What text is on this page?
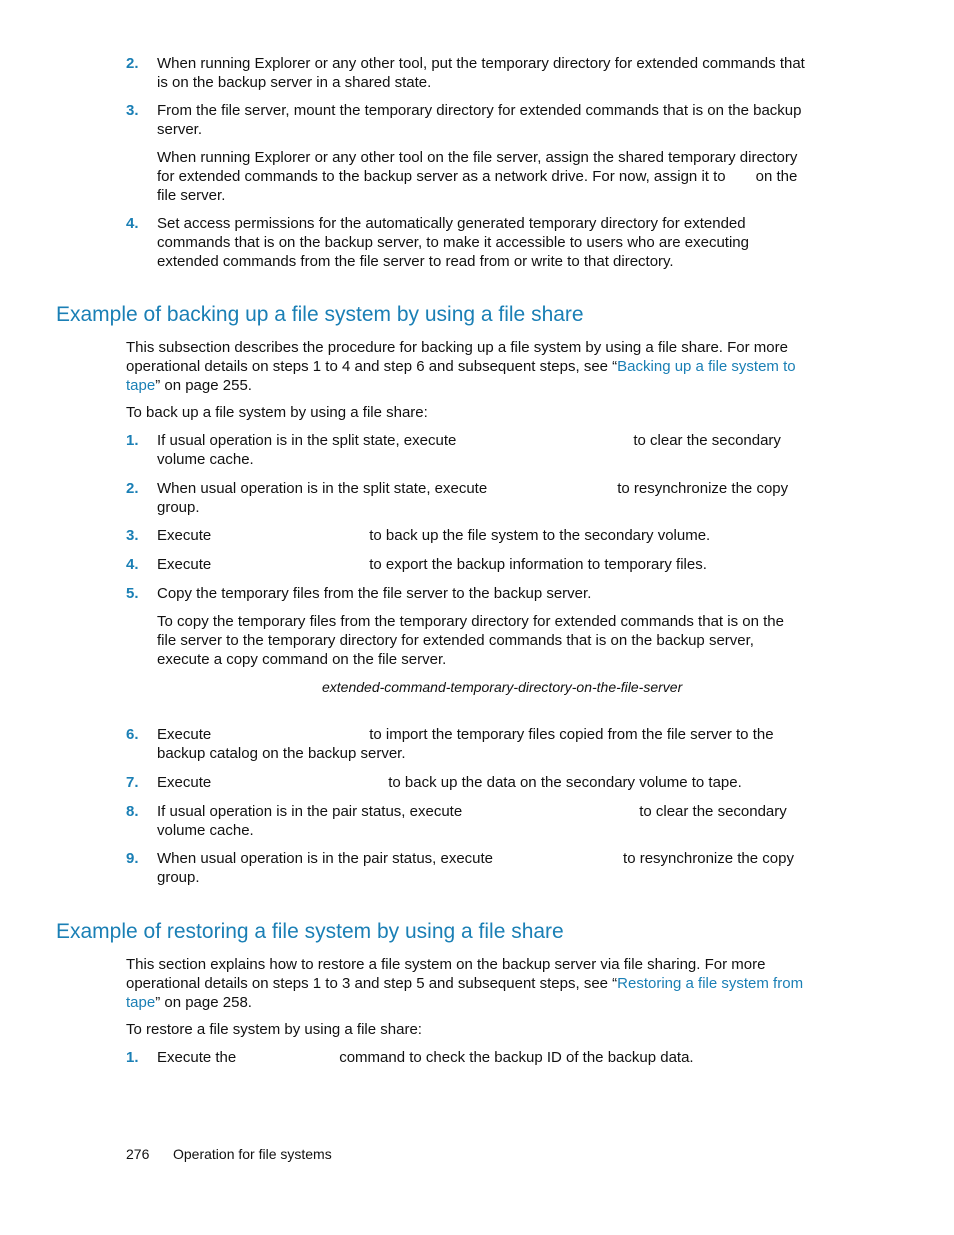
2. When running Explorer or any other tool, put the temporary directory for extended commands that is on the backup server in a shared state.
3. From the file server, mount the temporary directory for extended commands that is on the backup server.
When running Explorer or any other tool on the file server, assign the shared temporary directory for extended commands to the backup server as a network drive. For now, assign it to on the file server.
4. Set access permissions for the automatically generated temporary directory for extended commands that is on the backup server, to make it accessible to users who are executing extended commands from the file server to read from or write to that directory.
Example of backing up a file system by using a file share
This subsection describes the procedure for backing up a file system by using a file share. For more operational details on steps 1 to 4 and step 6 and subsequent steps, see “Backing up a file system to tape” on page 255.
To back up a file system by using a file share:
1. If usual operation is in the split state, execute	to clear the secondary volume cache.
2. When usual operation is in the split state, execute	to resynchronize the copy group.
3. Execute	to back up the file system to the secondary volume.
4. Execute	to export the backup information to temporary files.
5. Copy the temporary files from the file server to the backup server.
To copy the temporary files from the temporary directory for extended commands that is on the file server to the temporary directory for extended commands that is on the backup server, execute a copy command on the file server.
extended-command-temporary-directory-on-the-file-server
6. Execute	to import the temporary files copied from the file server to the backup catalog on the backup server.
7. Execute	to back up the data on the secondary volume to tape.
8. If usual operation is in the pair status, execute	to clear the secondary volume cache.
9. When usual operation is in the pair status, execute	to resynchronize the copy group.
Example of restoring a file system by using a file share
This section explains how to restore a file system on the backup server via file sharing. For more operational details on steps 1 to 3 and step 5 and subsequent steps, see “Restoring a file system from tape” on page 258.
To restore a file system by using a file share:
1. Execute the	command to check the backup ID of the backup data.
276 Operation for file systems
